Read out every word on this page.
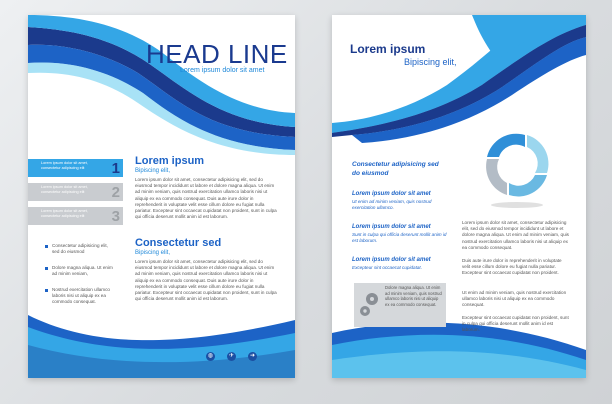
HEAD LINE
Lorem ipsum dolor sit amet
Lorem ipsum dolor sit amet, consectetur adipiscing elit	1
Lorem ipsum dolor sit amet, consectetur adipiscing elit	2
Lorem ipsum dolor sit amet, consectetur adipiscing elit	3
Consectetur adipisicing elit, sed do eiusmod
Dolore magna aliqua. Ut enim ad minim veniam,
Nostrud exercitation ullamco laboris nisi ut aliquip ex ea commodo consequat.
Lorem ipsum
Bipiscing elit,
Lorem ipsum dolor sit amet, consectetur adipisicing elit, sed do eiusmod tempor incididunt ut labore et dolore magna aliqua. Ut enim ad minim veniam, quis nostrud exercitation ullamco laboris nisi ut aliquip ex ea commodo consequat. Duis aute irure dolor in reprehenderit in voluptate velit esse cillum dolore eu fugiat nulla pariatur. Excepteur sint occaecat cupidatat non proident, sunt in culpa qui officia deserunt mollit anim id est laborum.
Consectetur sed
Bipiscing elit,
Lorem ipsum dolor sit amet, consectetur adipisicing elit, sed do eiusmod tempor incididunt ut labore et dolore magna aliqua. Ut enim ad minim veniam, quis nostrud exercitation ullamco laboris nisi ut aliquip ex ea commodo consequat. Duis aute irure dolor in reprehenderit in voluptate velit esse cillum dolore eu fugiat nulla pariatur. Excepteur sint occaecat cupidatat non proident, sunt in culpa qui officia deserunt mollit anim id est laborum.
◍	✈	➜
Lorem ipsum
Bipiscing elit,
Consectetur adipisicing sed do eiusmod
Lorem ipsum dolor sit amet
Ut enim ad minim veniam, quis nostrud exercitation ullamco.
Lorem ipsum dolor sit amet
Sunt in culpa qui officia deserunt mollit anim id est laborum.
Lorem ipsum dolor sit amet
Excepteur sint occaecat cupidatat.
Dolore magna aliqua. Ut enim ad minim veniam, quis nostrud ullamco laboris nisi ut aliquip ex ea commodo consequat.
Lorem ipsum dolor sit amet, consectetur adipisicing elit, sed do eiusmod tempor incididunt ut labore et dolore magna aliqua. Ut enim ad minim veniam, quis nostrud exercitation ullamco laboris nisi ut aliquip ex ea commodo consequat.
Duis aute irure dolor in reprehenderit in voluptate velit esse cillum dolore eu fugiat nulla pariatur. Excepteur sint occaecat cupidatat non proident.
Ut enim ad minim veniam, quis nostrud exercitation ullamco laboris nisi ut aliquip ex ea commodo consequat.
Excepteur sint occaecat cupidatat non proident, sunt in culpa qui officia deserunt mollit anim id est laborum.
